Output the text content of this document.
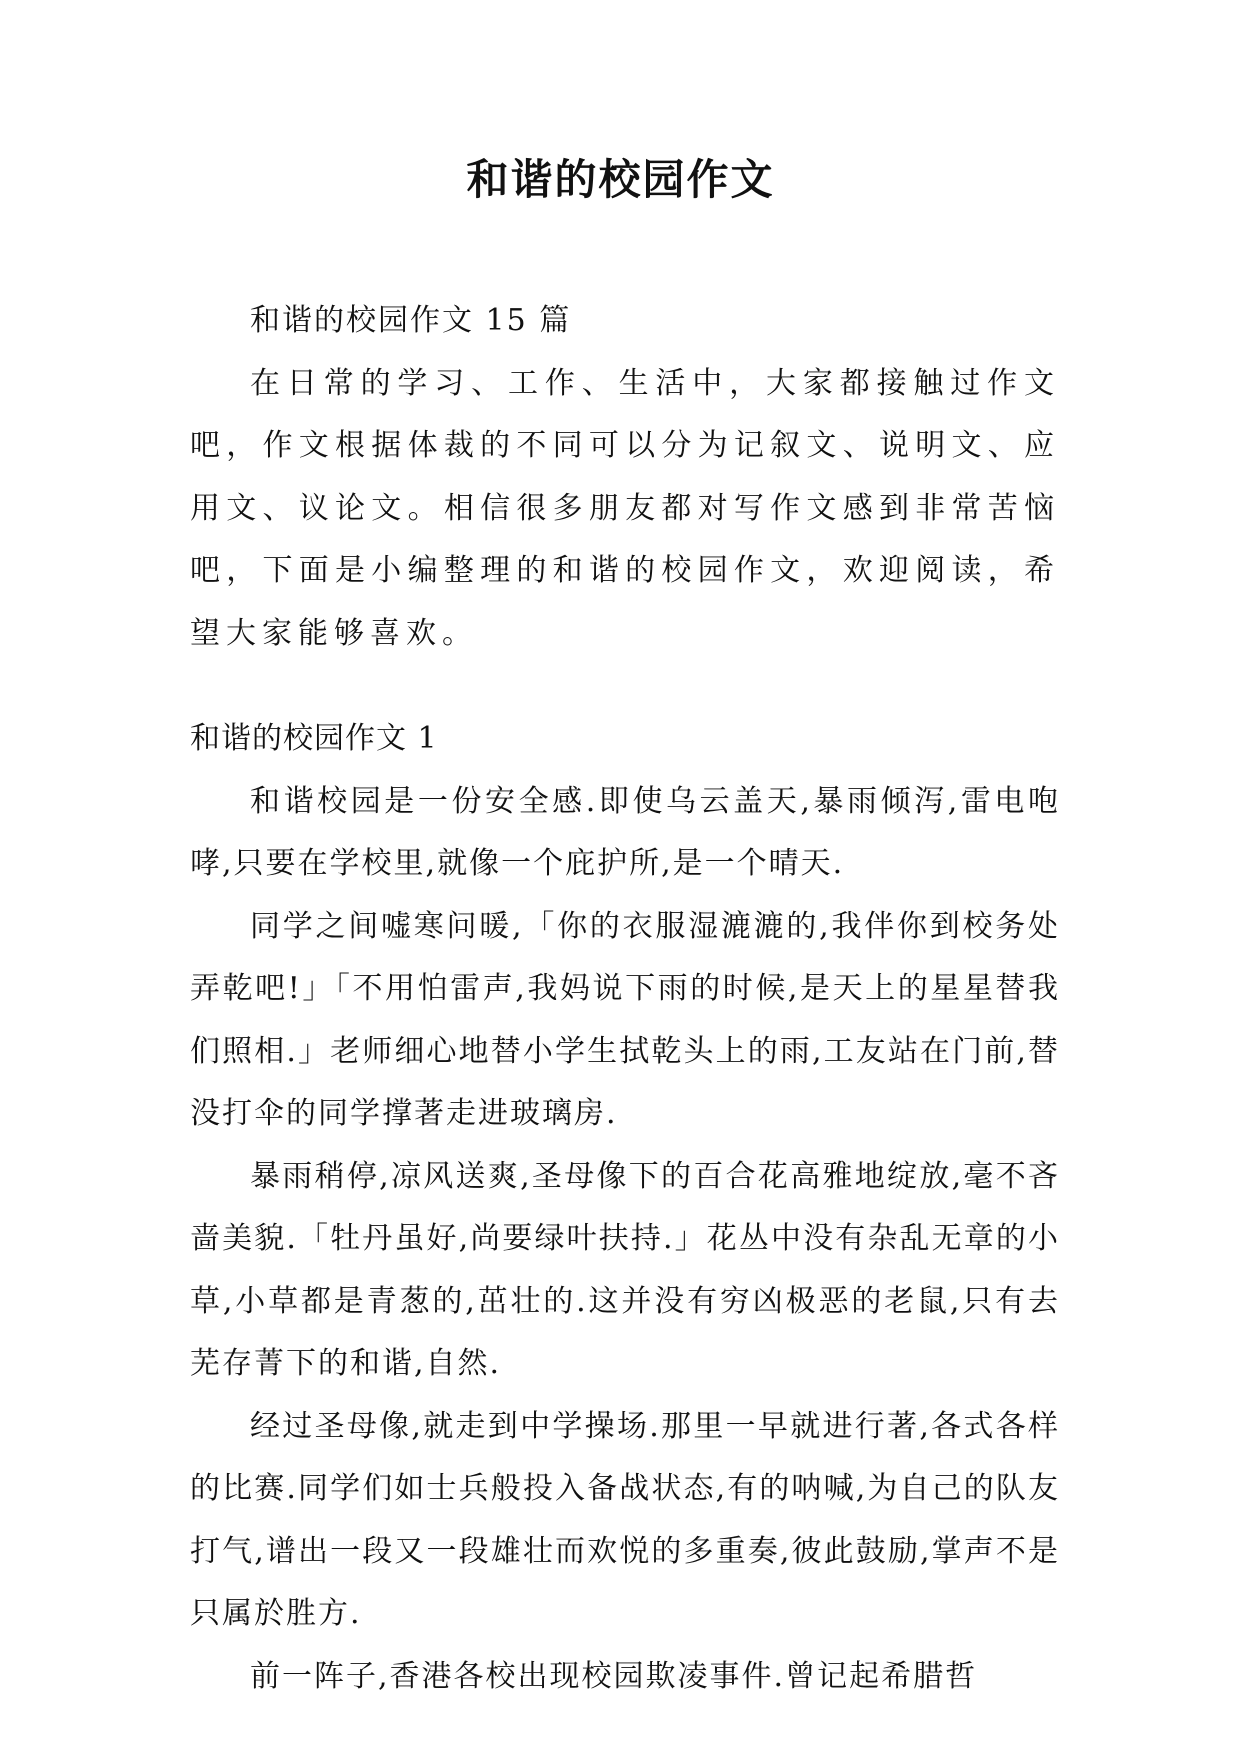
和谐的校园作文

和谐的校园作文 15 篇

在日常的学习、工作、生活中，大家都接触过作文吧，作文根据体裁的不同可以分为记叙文、说明文、应用文、议论文。相信很多朋友都对写作文感到非常苦恼吧，下面是小编整理的和谐的校园作文，欢迎阅读，希望大家能够喜欢。

和谐的校园作文 1

和谐校园是一份安全感.即使乌云盖天,暴雨倾泻,雷电咆哮,只要在学校里,就像一个庇护所,是一个晴天.

同学之间嘘寒问暖,「你的衣服湿漉漉的,我伴你到校务处弄乾吧!」「不用怕雷声,我妈说下雨的时候,是天上的星星替我们照相.」老师细心地替小学生拭乾头上的雨,工友站在门前,替没打伞的同学撑著走进玻璃房.

暴雨稍停,凉风送爽,圣母像下的百合花高雅地绽放,毫不吝啬美貌.「牡丹虽好,尚要绿叶扶持.」花丛中没有杂乱无章的小草,小草都是青葱的,茁壮的.这并没有穷凶极恶的老鼠,只有去芜存菁下的和谐,自然.

经过圣母像,就走到中学操场.那里一早就进行著,各式各样的比赛.同学们如士兵般投入备战状态,有的呐喊,为自己的队友打气,谱出一段又一段雄壮而欢悦的多重奏,彼此鼓励,掌声不是只属於胜方.

前一阵子,香港各校出现校园欺凌事件.曾记起希腊哲
